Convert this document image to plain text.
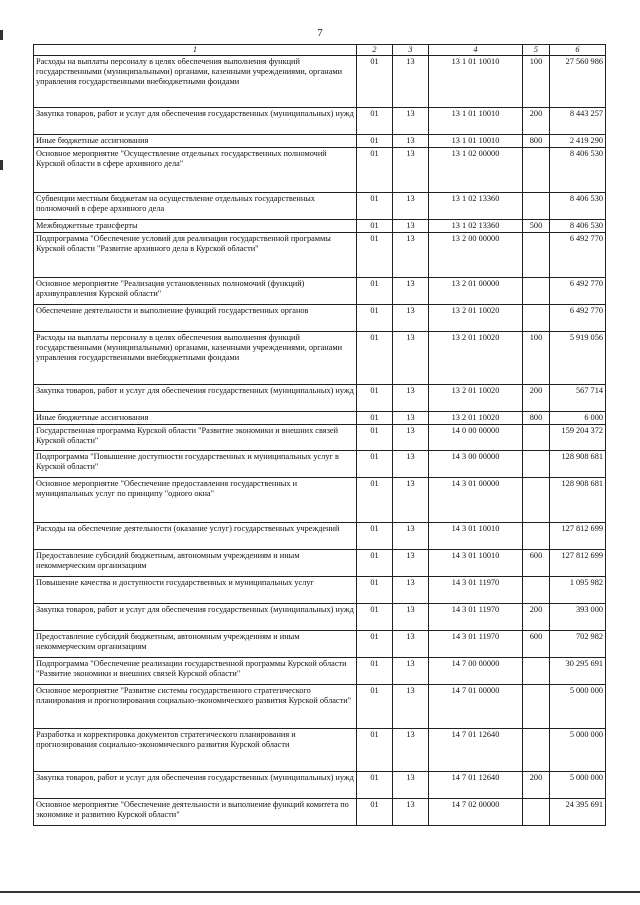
7
1	2	3	4	5	6
Расходы на выплаты персоналу в целях обеспечения выполнения функций государственными (муниципальными) органами, казенными учреждениями, органами управления государственными внебюджетными фондами	01	13	13 1 01 10010	100	27 560 986
Закупка товаров, работ и услуг для обеспечения государственных (муниципальных) нужд	01	13	13 1 01 10010	200	8 443 257
Иные бюджетные ассигнования	01	13	13 1 01 10010	800	2 419 290
Основное мероприятие "Осуществление отдельных государственных полномочий Курской области в сфере архивного дела"	01	13	13 1 02 00000		8 406 530
Субвенции местным бюджетам на осуществление отдельных государственных полномочий в сфере архивного дела	01	13	13 1 02 13360		8 406 530
Межбюджетные трансферты	01	13	13 1 02 13360	500	8 406 530
Подпрограмма "Обеспечение условий для реализации государственной программы Курской области "Развитие архивного дела в Курской области"	01	13	13 2 00 00000		6 492 770
Основное мероприятие "Реализация установленных полномочий (функций) архивуправления Курской области"	01	13	13 2 01 00000		6 492 770
Обеспечение деятельности и выполнение функций государственных органов	01	13	13 2 01 10020		6 492 770
Расходы на выплаты персоналу в целях обеспечения выполнения функций государственными (муниципальными) органами, казенными учреждениями, органами управления государственными внебюджетными фондами	01	13	13 2 01 10020	100	5 919 056
Закупка товаров, работ и услуг для обеспечения государственных (муниципальных) нужд	01	13	13 2 01 10020	200	567 714
Иные бюджетные ассигнования	01	13	13 2 01 10020	800	6 000
Государственная программа Курской области "Развитие экономики и внешних связей Курской области"	01	13	14 0 00 00000		159 204 372
Подпрограмма "Повышение доступности государственных и муниципальных услуг в Курской области"	01	13	14 3 00 00000		128 908 681
Основное мероприятие "Обеспечение предоставления государственных и муниципальных услуг по принципу "одного окна"	01	13	14 3 01 00000		128 908 681
Расходы на обеспечение деятельности (оказание услуг) государственных учреждений	01	13	14 3 01 10010		127 812 699
Предоставление субсидий бюджетным, автономным учреждениям и иным некоммерческим организациям	01	13	14 3 01 10010	600	127 812 699
Повышение качества и доступности государственных и муниципальных услуг	01	13	14 3 01 11970		1 095 982
Закупка товаров, работ и услуг для обеспечения государственных (муниципальных) нужд	01	13	14 3 01 11970	200	393 000
Предоставление субсидий бюджетным, автономным учреждениям и иным некоммерческим организациям	01	13	14 3 01 11970	600	702 982
Подпрограмма "Обеспечение реализации государственной программы Курской области "Развитие экономики и внешних связей Курской области"	01	13	14 7 00 00000		30 295 691
Основное мероприятие "Развитие системы государственного стратегического планирования и прогнозирования социально-экономического развития Курской области"	01	13	14 7 01 00000		5 000 000
Разработка и корректировка документов стратегического планирования и прогнозирования социально-экономического развития Курской области	01	13	14 7 01 12640		5 000 000
Закупка товаров, работ и услуг для обеспечения государственных (муниципальных) нужд	01	13	14 7 01 12640	200	5 000 000
Основное мероприятие "Обеспечение деятельности и выполнение функций комитета по экономике и развитию Курской области"	01	13	14 7 02 00000		24 395 691
